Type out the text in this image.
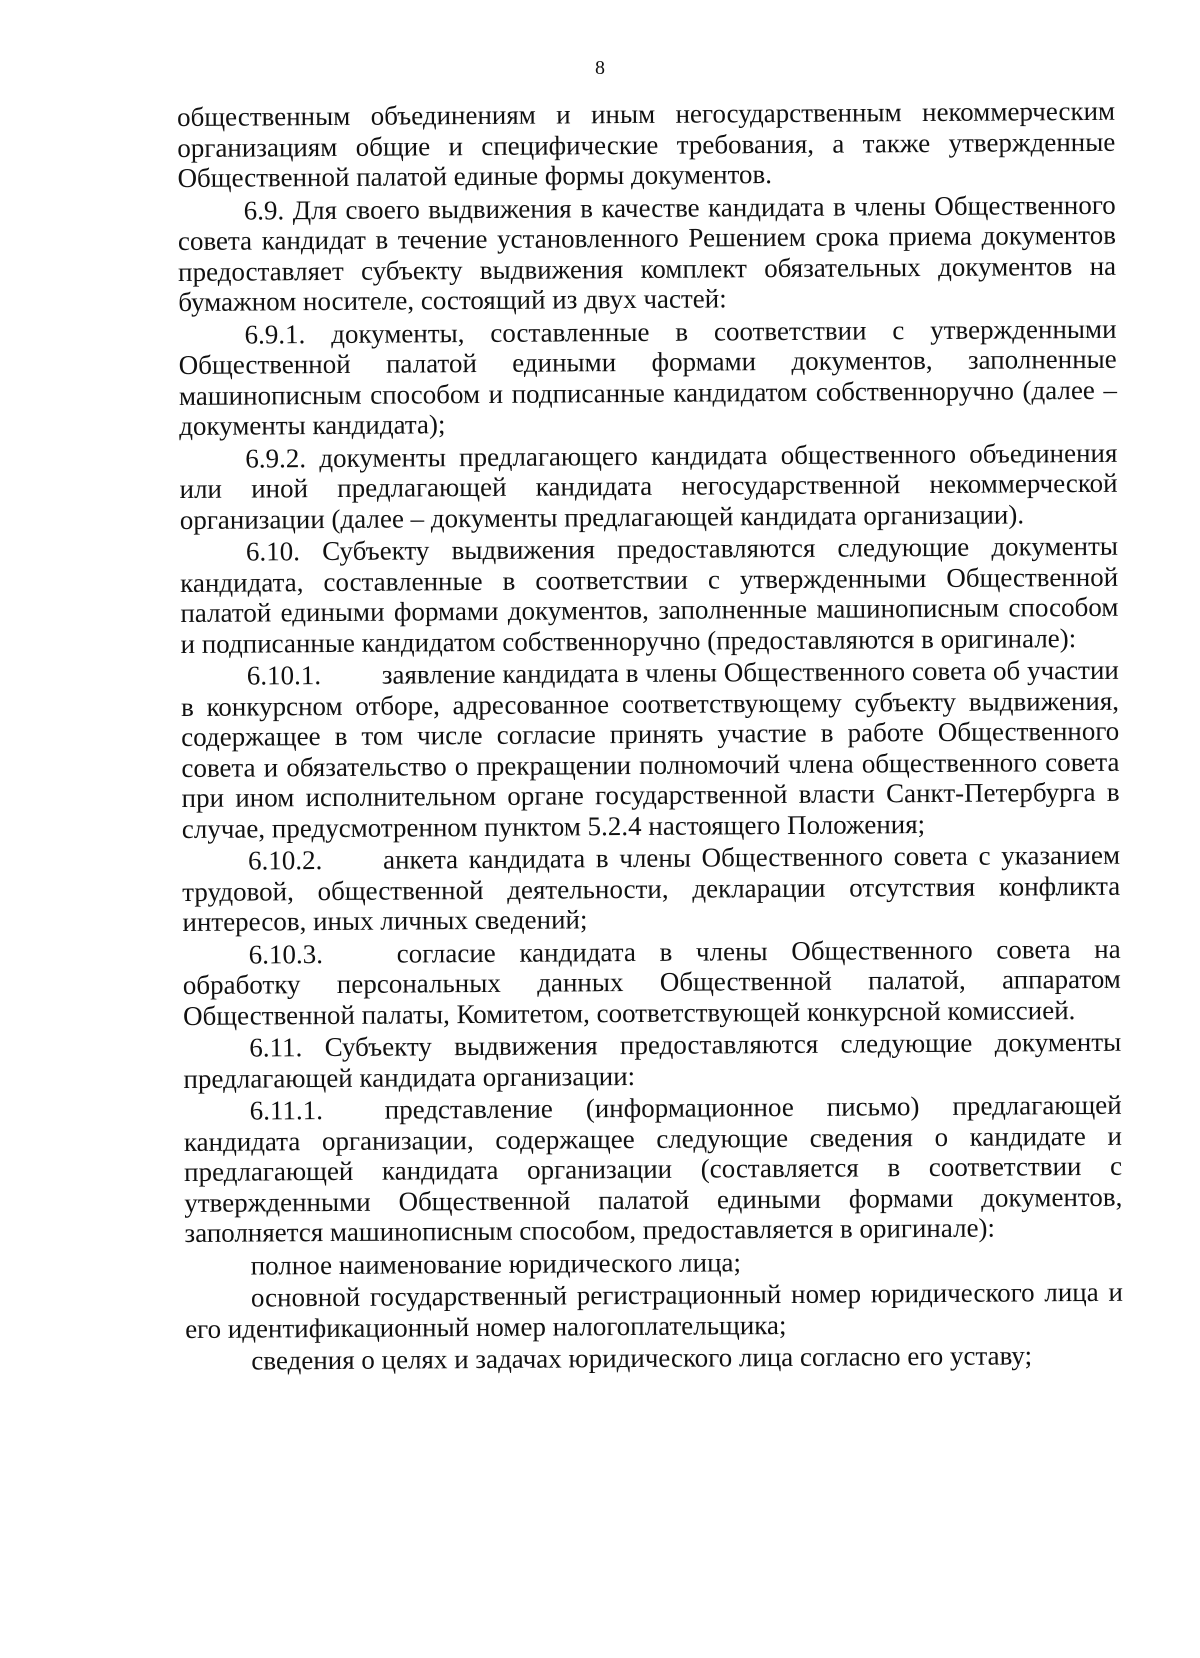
8

общественным объединениям и иным негосударственным некоммерческим организациям общие и специфические требования, а также утвержденные Общественной палатой единые формы документов.

6.9. Для своего выдвижения в качестве кандидата в члены Общественного совета кандидат в течение установленного Решением срока приема документов предоставляет субъекту выдвижения комплект обязательных документов на бумажном носителе, состоящий из двух частей:

6.9.1. документы, составленные в соответствии с утвержденными Общественной палатой едиными формами документов, заполненные машинописным способом и подписанные кандидатом собственноручно (далее – документы кандидата);

6.9.2. документы предлагающего кандидата общественного объединения или иной предлагающей кандидата негосударственной некоммерческой организации (далее – документы предлагающей кандидата организации).

6.10. Субъекту выдвижения предоставляются следующие документы кандидата, составленные в соответствии с утвержденными Общественной палатой едиными формами документов, заполненные машинописным способом и подписанные кандидатом собственноручно (предоставляются в оригинале):

6.10.1. заявление кандидата в члены Общественного совета об участии в конкурсном отборе, адресованное соответствующему субъекту выдвижения, содержащее в том числе согласие принять участие в работе Общественного совета и обязательство о прекращении полномочий члена общественного совета при ином исполнительном органе государственной власти Санкт-Петербурга в случае, предусмотренном пунктом 5.2.4 настоящего Положения;

6.10.2. анкета кандидата в члены Общественного совета с указанием трудовой, общественной деятельности, декларации отсутствия конфликта интересов, иных личных сведений;

6.10.3.	согласие кандидата в члены Общественного совета на обработку персональных данных Общественной палатой, аппаратом Общественной палаты, Комитетом, соответствующей конкурсной комиссией.

6.11. Субъекту выдвижения предоставляются следующие документы предлагающей кандидата организации:

6.11.1. представление (информационное письмо) предлагающей кандидата организации, содержащее следующие сведения о кандидате и предлагающей кандидата организации (составляется в соответствии с утвержденными Общественной палатой едиными формами документов, заполняется машинописным способом, предоставляется в оригинале):

полное наименование юридического лица;

основной государственный регистрационный номер юридического лица и его идентификационный номер налогоплательщика;

сведения о целях и задачах юридического лица согласно его уставу;
